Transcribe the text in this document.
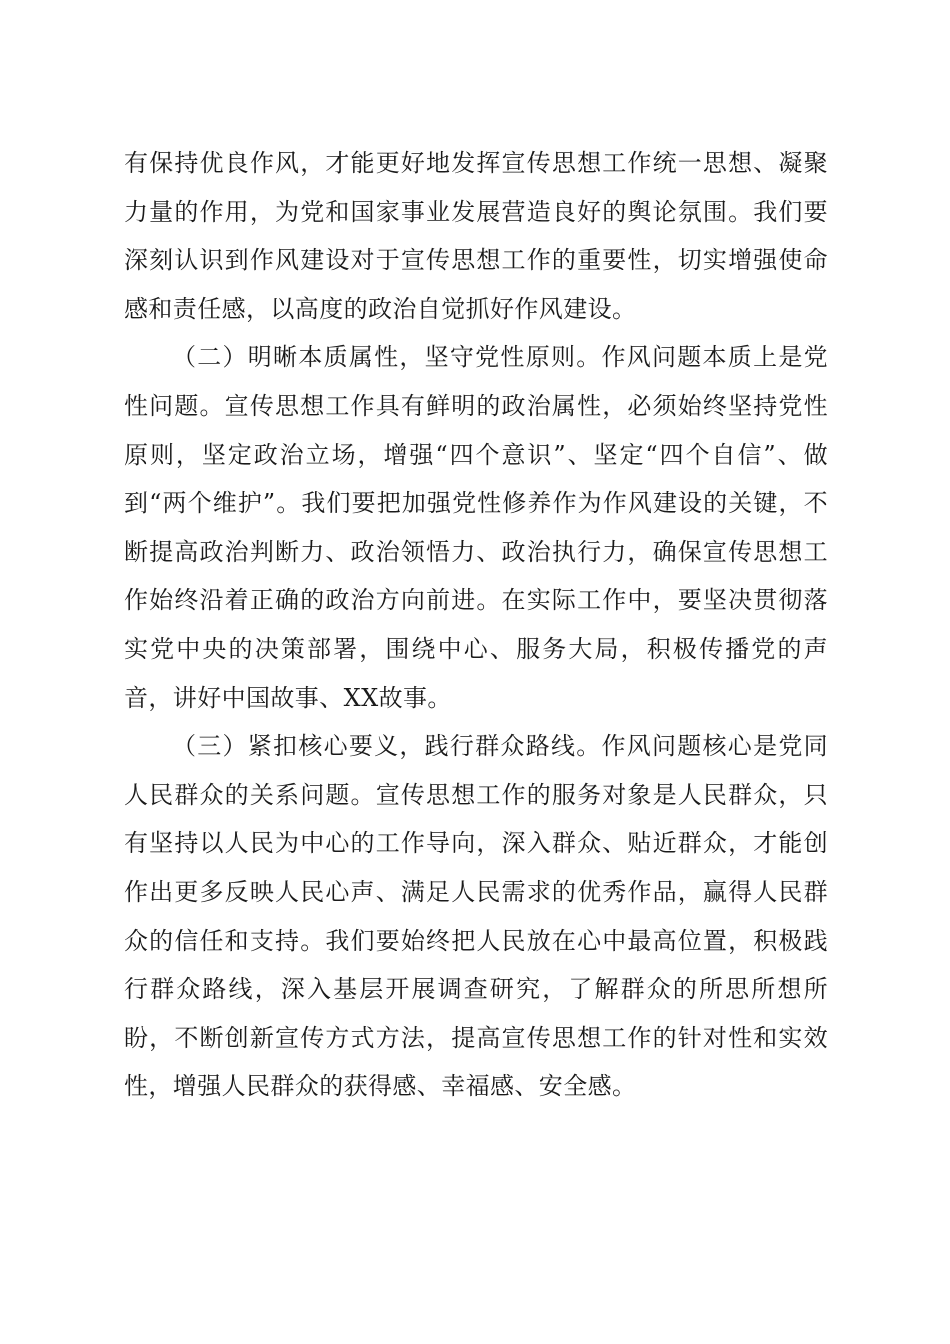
有保持优良作风，才能更好地发挥宣传思想工作统一思想、凝聚力量的作用，为党和国家事业发展营造良好的舆论氛围。我们要深刻认识到作风建设对于宣传思想工作的重要性，切实增强使命感和责任感，以高度的政治自觉抓好作风建设。

（二）明晰本质属性，坚守党性原则。作风问题本质上是党性问题。宣传思想工作具有鲜明的政治属性，必须始终坚持党性原则，坚定政治立场，增强“四个意识”、坚定“四个自信”、做到“两个维护”。我们要把加强党性修养作为作风建设的关键，不断提高政治判断力、政治领悟力、政治执行力，确保宣传思想工作始终沿着正确的政治方向前进。在实际工作中，要坚决贯彻落实党中央的决策部署，围绕中心、服务大局，积极传播党的声音，讲好中国故事、XX故事。

（三）紧扣核心要义，践行群众路线。作风问题核心是党同人民群众的关系问题。宣传思想工作的服务对象是人民群众，只有坚持以人民为中心的工作导向，深入群众、贴近群众，才能创作出更多反映人民心声、满足人民需求的优秀作品，赢得人民群众的信任和支持。我们要始终把人民放在心中最高位置，积极践行群众路线，深入基层开展调查研究，了解群众的所思所想所盼，不断创新宣传方式方法，提高宣传思想工作的针对性和实效性，增强人民群众的获得感、幸福感、安全感。
